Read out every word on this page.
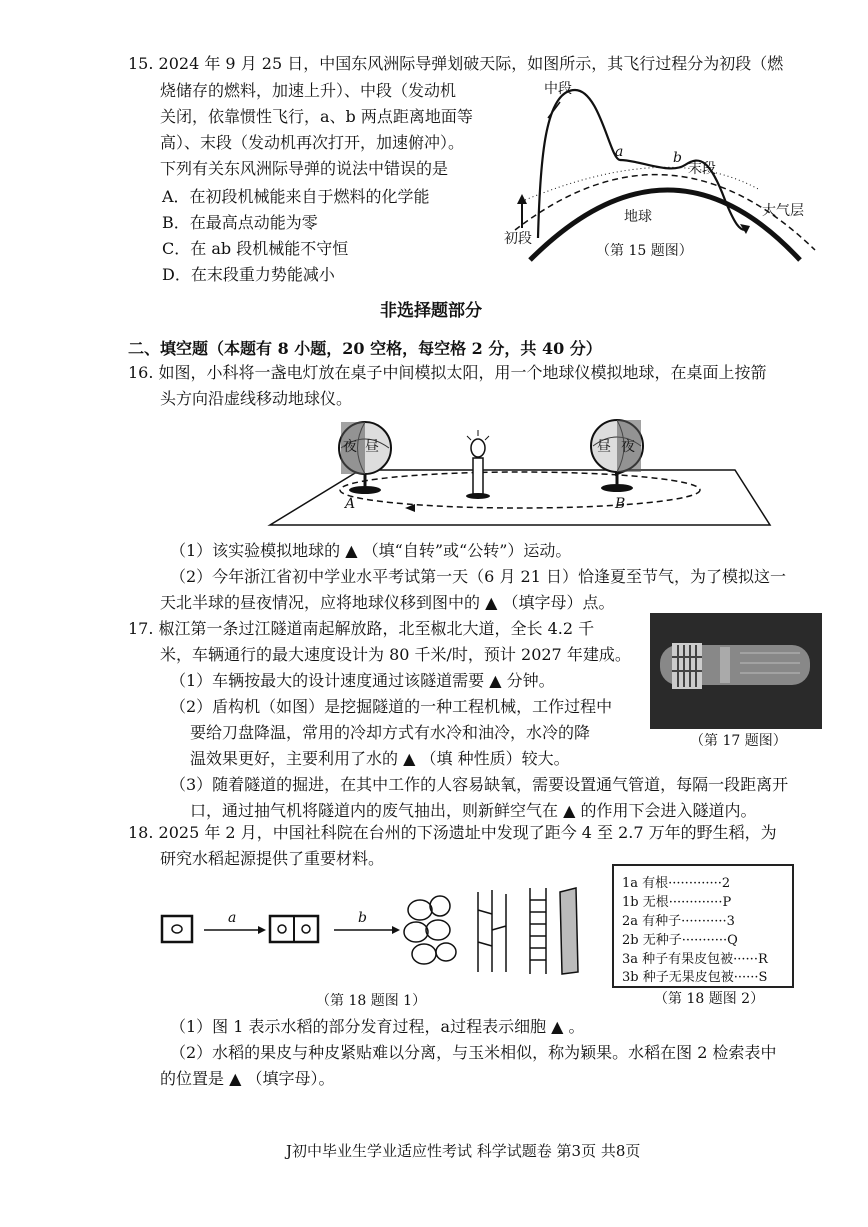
15. 2024 年 9 月 25 日，中国东风洲际导弹划破天际，如图所示，其飞行过程分为初段（燃
烧储存的燃料，加速上升）、中段（发动机
关闭，依靠惯性飞行，a、b 两点距离地面等
高）、末段（发动机再次打开，加速俯冲）。
下列有关东风洲际导弹的说法中错误的是
A．在初段机械能来自于燃料的化学能
B．在最高点动能为零
C．在 ab 段机械能不守恒
D．在末段重力势能减小
中段
a	b
末段
地球	大气层
初段
（第 15 题图）
非选择题部分
二、填空题（本题有 8 小题，20 空格，每空格 2 分，共 40 分）
16. 如图，小科将一盏电灯放在桌子中间模拟太阳，用一个地球仪模拟地球，在桌面上按箭
头方向沿虚线移动地球仪。
夜 昼	昼 夜
A	B
（1）该实验模拟地球的 ▲ （填“自转”或“公转”）运动。
（2）今年浙江省初中学业水平考试第一天（6 月 21 日）恰逢夏至节气，为了模拟这一
天北半球的昼夜情况，应将地球仪移到图中的 ▲ （填字母）点。
17. 椒江第一条过江隧道南起解放路，北至椒北大道，全长 4.2 千
米，车辆通行的最大速度设计为 80 千米/时，预计 2027 年建成。
（1）车辆按最大的设计速度通过该隧道需要 ▲ 分钟。
（2）盾构机（如图）是挖掘隧道的一种工程机械，工作过程中
要给刀盘降温，常用的冷却方式有水冷和油冷，水冷的降
温效果更好，主要利用了水的 ▲ （填 种性质）较大。
（3）随着隧道的掘进，在其中工作的人容易缺氧，需要设置通气管道，每隔一段距离开
口，通过抽气机将隧道内的废气抽出，则新鲜空气在 ▲ 的作用下会进入隧道内。
（第 17 题图）
18. 2025 年 2 月，中国社科院在台州的下汤遗址中发现了距今 4 至 2.7 万年的野生稻，为
研究水稻起源提供了重要材料。
a	b
（第 18 题图 1）
1a 有根·············2
1b 无根·············P
2a 有种子···········3
2b 无种子···········Q
3a 种子有果皮包被······R
3b 种子无果皮包被······S
（第 18 题图 2）
（1）图 1 表示水稻的部分发育过程，a过程表示细胞 ▲ 。
（2）水稻的果皮与种皮紧贴难以分离，与玉米相似，称为颖果。水稻在图 2 检索表中
的位置是 ▲ （填字母）。
J初中毕业生学业适应性考试 科学试题卷 第3页 共8页
